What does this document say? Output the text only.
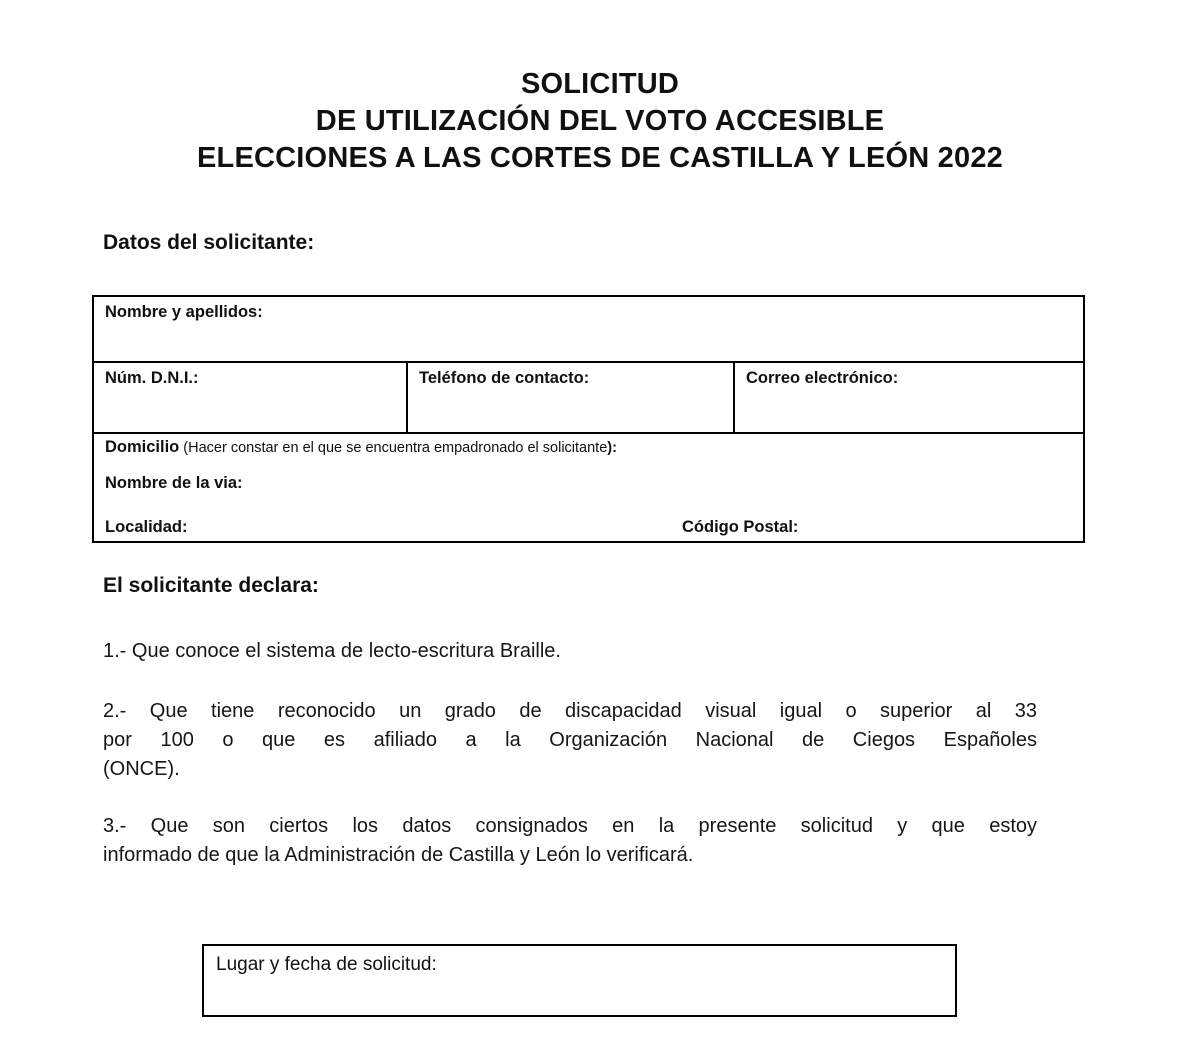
SOLICITUD
DE UTILIZACIÓN DEL VOTO ACCESIBLE
ELECCIONES A LAS CORTES DE CASTILLA Y LEÓN 2022
Datos del solicitante:
Nombre y apellidos:
Núm. D.N.I.:	Teléfono de contacto:	Correo electrónico:
Domicilio (Hacer constar en el que se encuentra empadronado el solicitante):
Nombre de la via:
Localidad:	Código Postal:
El solicitante declara:
1.- Que conoce el sistema de lecto-escritura Braille.
2.- Que tiene reconocido un grado de discapacidad visual igual o superior al 33
por 100 o que es afiliado a la Organización Nacional de Ciegos Españoles
(ONCE).
3.- Que son ciertos los datos consignados en la presente solicitud y que estoy
informado de que la Administración de Castilla y León lo verificará.
Lugar y fecha de solicitud:
